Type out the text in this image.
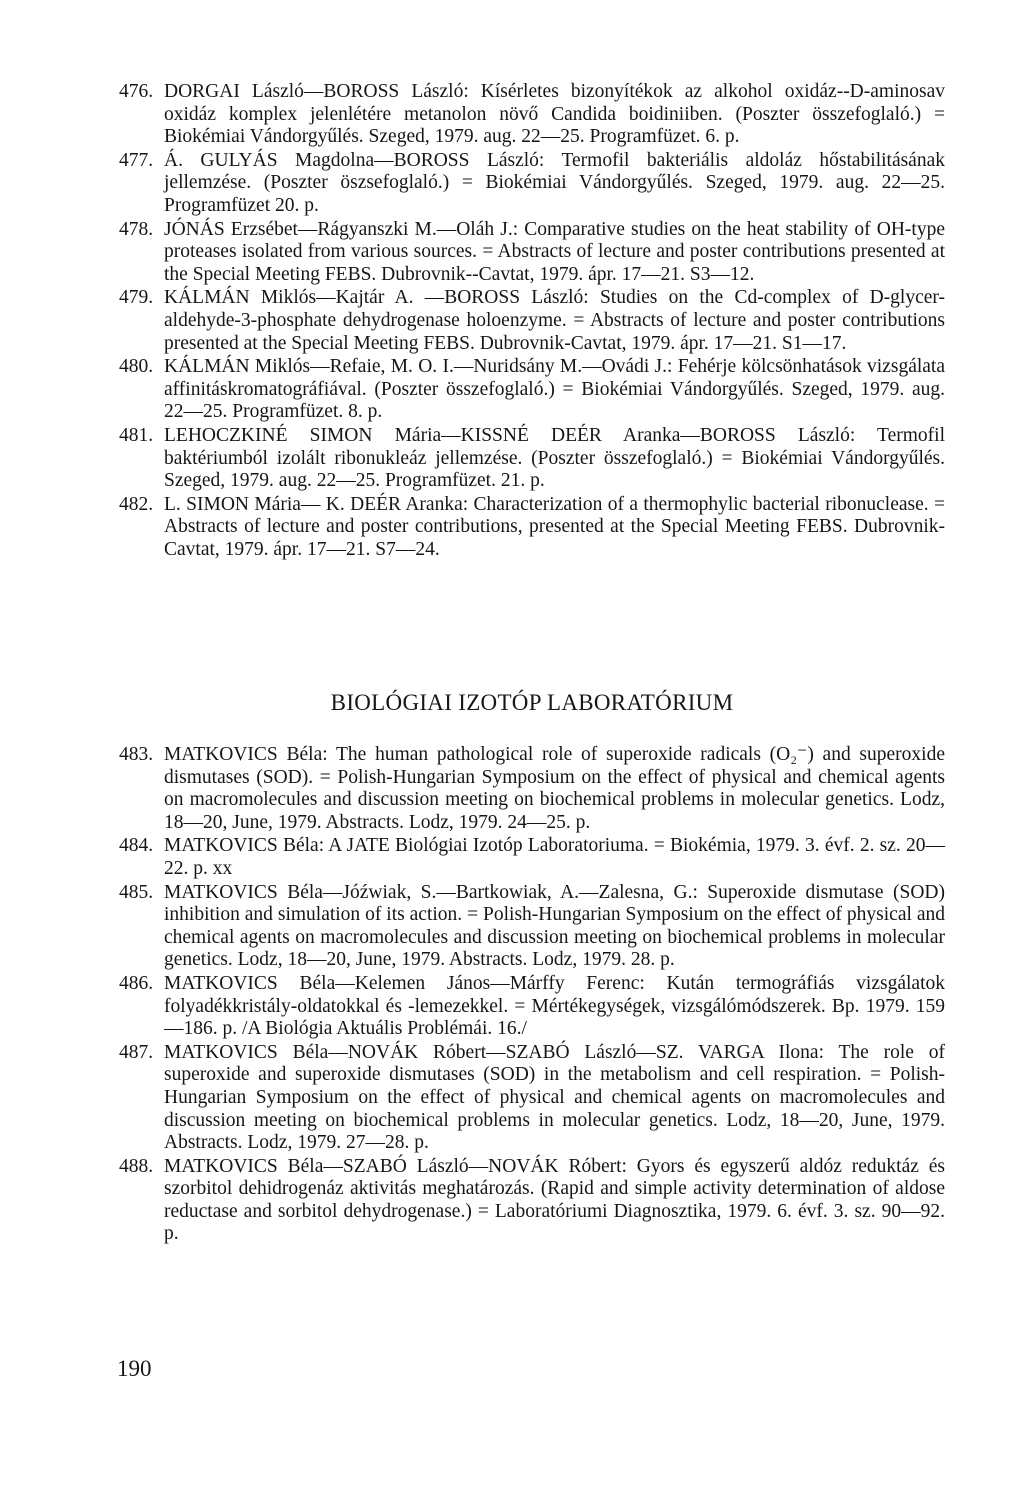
476. DORGAI László—BOROSS László: Kísérletes bizonyítékok az alkohol oxidáz--D-aminosav oxidáz komplex jelenlétére metanolon növő Candida boidiniiben. (Poszter összefoglaló.) = Biokémiai Vándorgyűlés. Szeged, 1979. aug. 22—25. Programfüzet. 6. p.
477. Á. GULYÁS Magdolna—BOROSS László: Termofil bakteriális aldoláz hőstabilitásának jellemzése. (Poszter öszsefoglaló.) = Biokémiai Vándorgyűlés. Szeged, 1979. aug. 22—25. Programfüzet 20. p.
478. JÓNÁS Erzsébet—Rágyanszki M.—Oláh J.: Comparative studies on the heat stability of OH-type proteases isolated from various sources. = Abstracts of lecture and poster contributions presented at the Special Meeting FEBS. Dubrovnik--Cavtat, 1979. ápr. 17—21. S3—12.
479. KÁLMÁN Miklós—Kajtár A. —BOROSS László: Studies on the Cd-complex of D-glycer-aldehyde-3-phosphate dehydrogenase holoenzyme. = Abstracts of lecture and poster contributions presented at the Special Meeting FEBS. Dubrovnik-Cavtat, 1979. ápr. 17—21. S1—17.
480. KÁLMÁN Miklós—Refaie, M. O. I.—Nuridsány M.—Ovádi J.: Fehérje kölcsönhatások vizsgálata affinitáskromatográfiával. (Poszter összefoglaló.) = Biokémiai Vándorgyűlés. Szeged, 1979. aug. 22—25. Programfüzet. 8. p.
481. LEHOCZKINÉ SIMON Mária—KISSNÉ DEÉR Aranka—BOROSS László: Termofil baktériumból izolált ribonukleáz jellemzése. (Poszter összefoglaló.) = Biokémiai Vándorgyűlés. Szeged, 1979. aug. 22—25. Programfüzet. 21. p.
482. L. SIMON Mária— K. DEÉR Aranka: Characterization of a thermophylic bacterial ribonuclease. = Abstracts of lecture and poster contributions, presented at the Special Meeting FEBS. Dubrovnik-Cavtat, 1979. ápr. 17—21. S7—24.
BIOLÓGIAI IZOTÓP LABORATÓRIUM
483. MATKOVICS Béla: The human pathological role of superoxide radicals (O₂⁻) and superoxide dismutases (SOD). = Polish-Hungarian Symposium on the effect of physical and chemical agents on macromolecules and discussion meeting on biochemical problems in molecular genetics. Lodz, 18—20, June, 1979. Abstracts. Lodz, 1979. 24—25. p.
484. MATKOVICS Béla: A JATE Biológiai Izotóp Laboratoriuma. = Biokémia, 1979. 3. évf. 2. sz. 20—22. p. xx
485. MATKOVICS Béla—Jóźwiak, S.—Bartkowiak, A.—Zalesna, G.: Superoxide dismutase (SOD) inhibition and simulation of its action. = Polish-Hungarian Symposium on the effect of physical and chemical agents on macromolecules and discussion meeting on biochemical problems in molecular genetics. Lodz, 18—20, June, 1979. Abstracts. Lodz, 1979. 28. p.
486. MATKOVICS Béla—Kelemen János—Márffy Ferenc: Kután termográfiás vizsgálatok folyadékkristály-oldatokkal és -lemezekkel. = Mértékegységek, vizsgálómódszerek. Bp. 1979. 159—186. p. /A Biológia Aktuális Problémái. 16./
487. MATKOVICS Béla—NOVÁK Róbert—SZABÓ László—SZ. VARGA Ilona: The role of superoxide and superoxide dismutases (SOD) in the metabolism and cell respiration. = Polish-Hungarian Symposium on the effect of physical and chemical agents on macromolecules and discussion meeting on biochemical problems in molecular genetics. Lodz, 18—20, June, 1979. Abstracts. Lodz, 1979. 27—28. p.
488. MATKOVICS Béla—SZABÓ László—NOVÁK Róbert: Gyors és egyszerű aldóz reduktáz és szorbitol dehidrogenáz aktivitás meghatározás. (Rapid and simple activity determination of aldose reductase and sorbitol dehydrogenase.) = Laboratóriumi Diagnosztika, 1979. 6. évf. 3. sz. 90—92. p.
190
